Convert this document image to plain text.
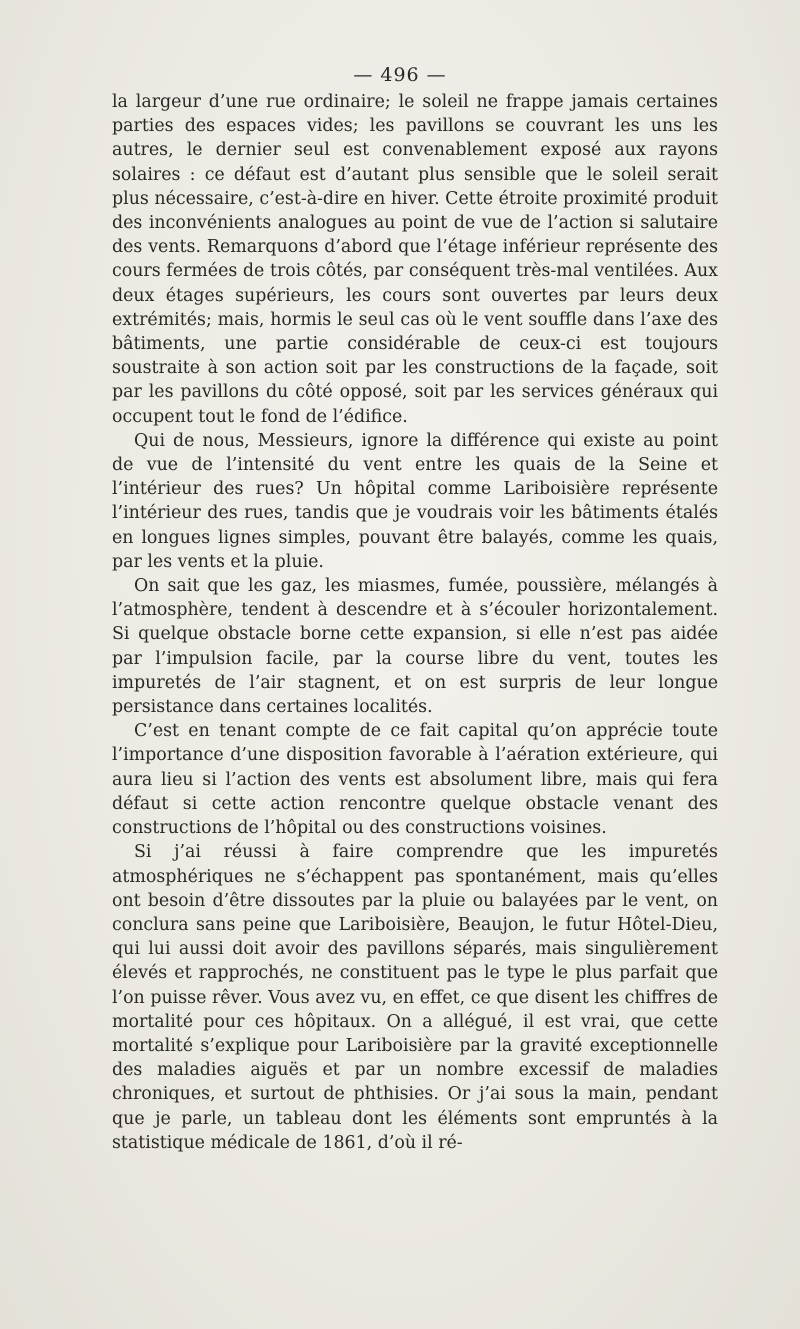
— 496 —

la largeur d’une rue ordinaire; le soleil ne frappe jamais certaines parties des espaces vides; les pavillons se couvrant les uns les autres, le dernier seul est convenablement exposé aux rayons solaires : ce défaut est d’autant plus sensible que le soleil serait plus nécessaire, c’est-à-dire en hiver. Cette étroite proximité produit des inconvénients analogues au point de vue de l’action si salutaire des vents. Remarquons d’abord que l’étage inférieur représente des cours fermées de trois côtés, par conséquent très-mal ventilées. Aux deux étages supérieurs, les cours sont ouvertes par leurs deux extrémités; mais, hormis le seul cas où le vent souffle dans l’axe des bâtiments, une partie considérable de ceux-ci est toujours soustraite à son action soit par les constructions de la façade, soit par les pavillons du côté opposé, soit par les services généraux qui occupent tout le fond de l’édifice.

Qui de nous, Messieurs, ignore la différence qui existe au point de vue de l’intensité du vent entre les quais de la Seine et l’intérieur des rues? Un hôpital comme Lariboisière représente l’intérieur des rues, tandis que je voudrais voir les bâtiments étalés en longues lignes simples, pouvant être balayés, comme les quais, par les vents et la pluie.

On sait que les gaz, les miasmes, fumée, poussière, mélangés à l’atmosphère, tendent à descendre et à s’écouler horizontalement. Si quelque obstacle borne cette expansion, si elle n’est pas aidée par l’impulsion facile, par la course libre du vent, toutes les impuretés de l’air stagnent, et on est surpris de leur longue persistance dans certaines localités.

C’est en tenant compte de ce fait capital qu’on apprécie toute l’importance d’une disposition favorable à l’aération extérieure, qui aura lieu si l’action des vents est absolument libre, mais qui fera défaut si cette action rencontre quelque obstacle venant des constructions de l’hôpital ou des constructions voisines.

Si j’ai réussi à faire comprendre que les impuretés atmosphériques ne s’échappent pas spontanément, mais qu’elles ont besoin d’être dissoutes par la pluie ou balayées par le vent, on conclura sans peine que Lariboisière, Beaujon, le futur Hôtel-Dieu, qui lui aussi doit avoir des pavillons séparés, mais singulièrement élevés et rapprochés, ne constituent pas le type le plus parfait que l’on puisse rêver. Vous avez vu, en effet, ce que disent les chiffres de mortalité pour ces hôpitaux. On a allégué, il est vrai, que cette mortalité s’explique pour Lariboisière par la gravité exceptionnelle des maladies aiguës et par un nombre excessif de maladies chroniques, et surtout de phthisies. Or j’ai sous la main, pendant que je parle, un tableau dont les éléments sont empruntés à la statistique médicale de 1861, d’où il ré-
